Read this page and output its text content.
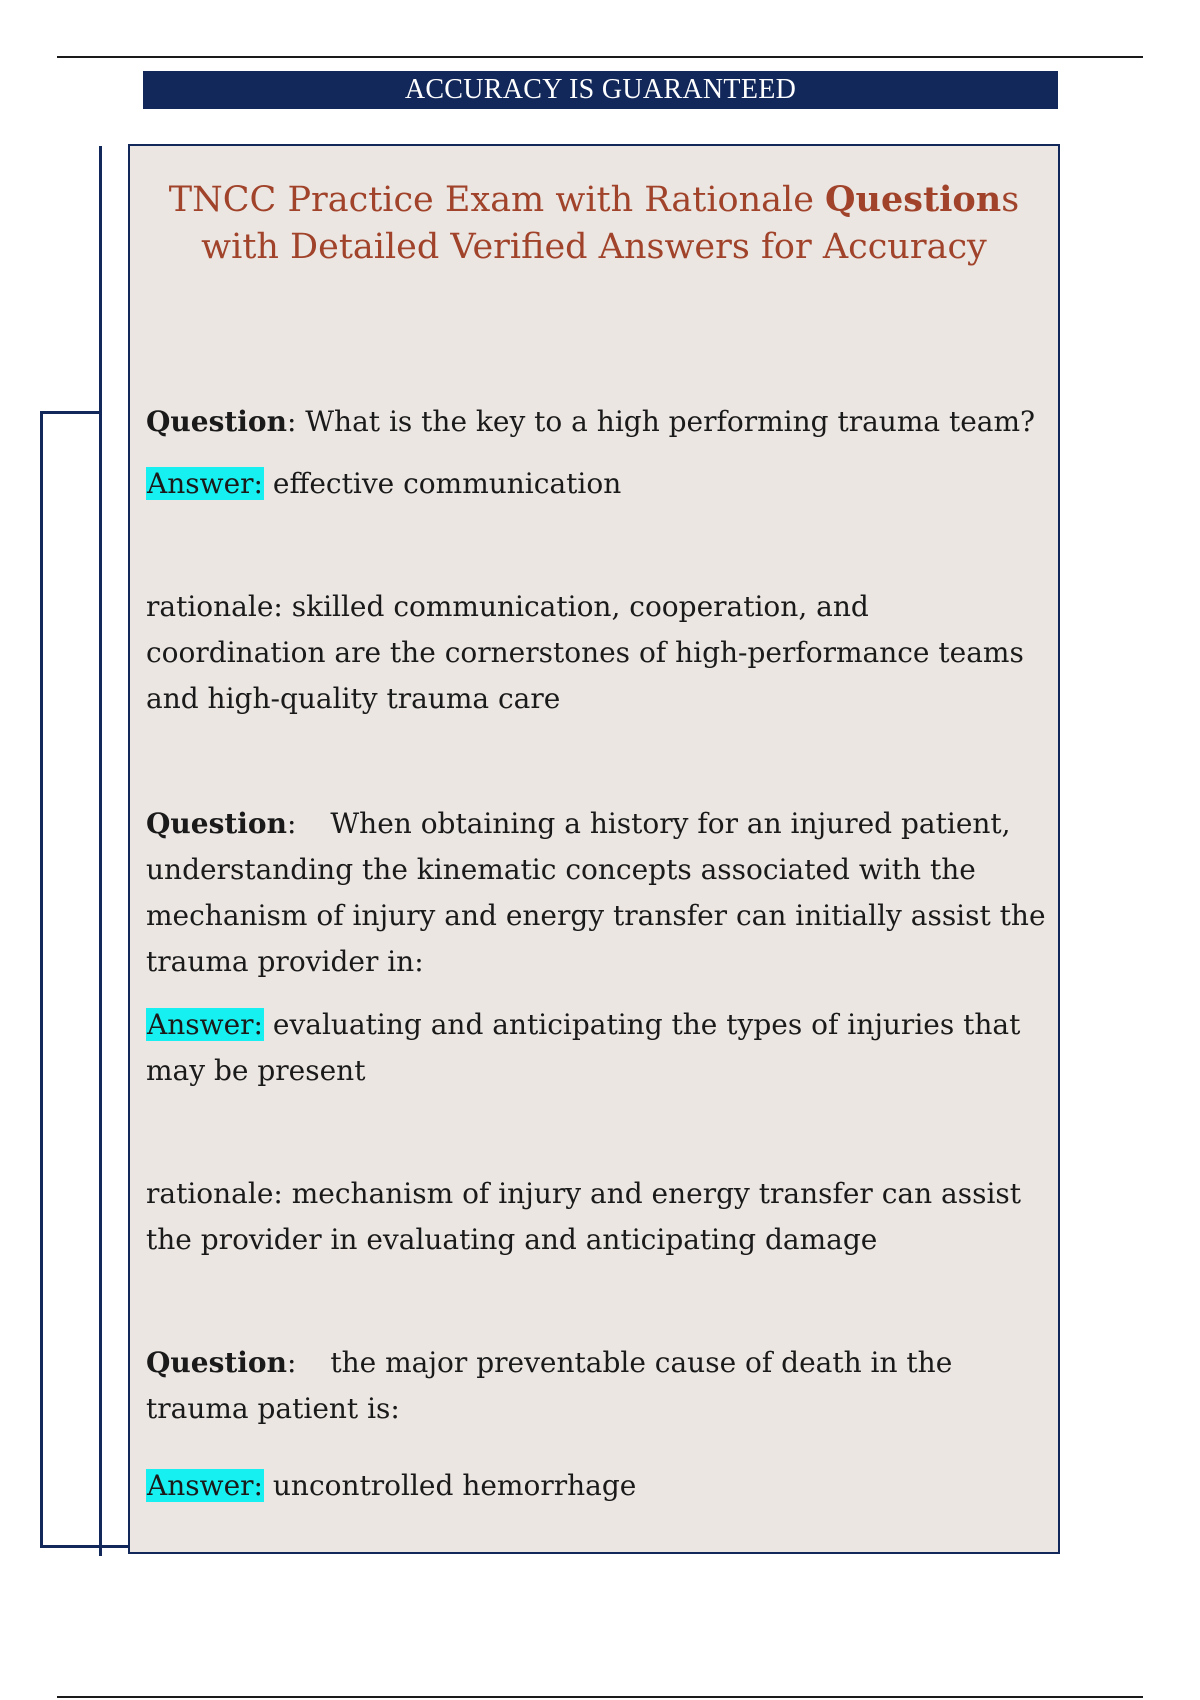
ACCURACY IS GUARANTEED
TNCC Practice Exam with Rationale Questions
with Detailed Verified Answers for Accuracy
Question: What is the key to a high performing trauma team?
Answer: effective communication
rationale: skilled communication, cooperation, and coordination are the cornerstones of high-performance teams and high-quality trauma care
Question: When obtaining a history for an injured patient, understanding the kinematic concepts associated with the mechanism of injury and energy transfer can initially assist the trauma provider in:
Answer: evaluating and anticipating the types of injuries that may be present
rationale: mechanism of injury and energy transfer can assist the provider in evaluating and anticipating damage
Question: the major preventable cause of death in the trauma patient is:
Answer: uncontrolled hemorrhage
